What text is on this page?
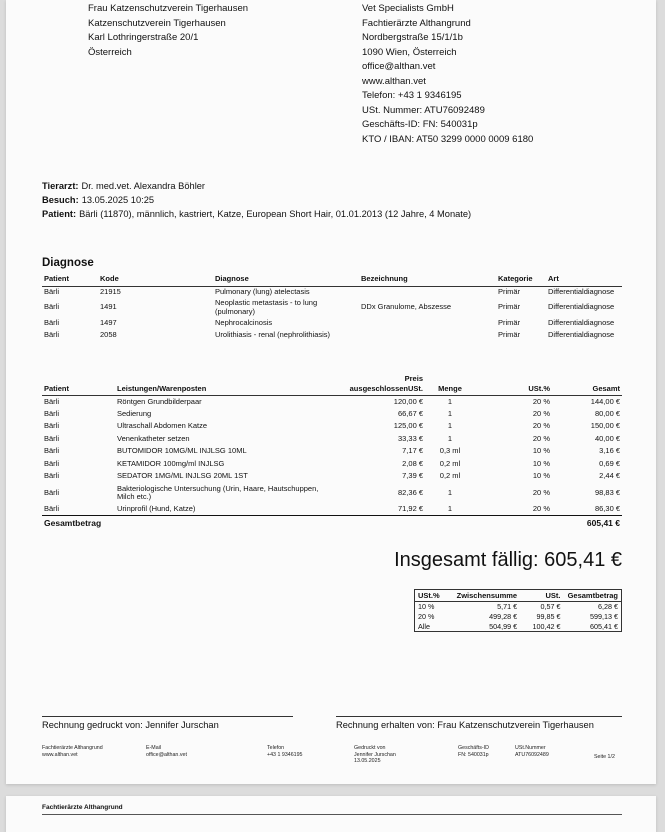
Frau Katzenschutzverein Tigerhausen
Katzenschutzverein Tigerhausen
Karl Lothringerstraße 20/1
Österreich
Vet Specialists GmbH
Fachtierärzte Althangrund
Nordbergstraße 15/1/1b
1090 Wien, Österreich
office@althan.vet
www.althan.vet
Telefon: +43 1 9346195
USt. Nummer: ATU76092489
Geschäfts-ID: FN: 540031p
KTO / IBAN: AT50 3299 0000 0009 6180
Tierarzt: Dr. med.vet. Alexandra Böhler
Besuch: 13.05.2025 10:25
Patient: Bärli (11870), männlich, kastriert, Katze, European Short Hair, 01.01.2013 (12 Jahre, 4 Monate)
Diagnose
Patient	Kode	Diagnose	Bezeichnung	Kategorie	Art
Bärli	21915	Pulmonary (lung) atelectasis		Primär	Differentialdiagnose
Bärli	1491	Neoplastic metastasis - to lung (pulmonary)	DDx Granulome, Abszesse	Primär	Differentialdiagnose
Bärli	1497	Nephrocalcinosis		Primär	Differentialdiagnose
Bärli	2058	Urolithiasis - renal (nephrolithiasis)		Primär	Differentialdiagnose
Patient	Leistungen/Warenposten	Preis ausgeschlossenUSt.	Menge	USt.%	Gesamt
Bärli	Röntgen Grundbilderpaar	120,00 €	1	20 %	144,00 €
Bärli	Sedierung	66,67 €	1	20 %	80,00 €
Bärli	Ultraschall Abdomen Katze	125,00 €	1	20 %	150,00 €
Bärli	Venenkatheter setzen	33,33 €	1	20 %	40,00 €
Bärli	BUTOMIDOR 10MG/ML INJLSG 10ML	7,17 €	0,3 ml	10 %	3,16 €
Bärli	KETAMIDOR 100mg/ml INJLSG	2,08 €	0,2 ml	10 %	0,69 €
Bärli	SEDATOR 1MG/ML INJLSG 20ML 1ST	7,39 €	0,2 ml	10 %	2,44 €
Bärli	Bakteriologische Untersuchung (Urin, Haare, Hautschuppen, Milch etc.)	82,36 €	1	20 %	98,83 €
Bärli	Urinprofil (Hund, Katze)	71,92 €	1	20 %	86,30 €
Gesamtbetrag					605,41 €
Insgesamt fällig: 605,41 €
USt.%	Zwischensumme	USt.	Gesamtbetrag
10 %	5,71 €	0,57 €	6,28 €
20 %	499,28 €	99,85 €	599,13 €
Alle	504,99 €	100,42 €	605,41 €
Rechnung gedruckt von: Jennifer Jurschan	Rechnung erhalten von: Frau Katzenschutzverein Tigerhausen
Fachtierärzte Althangrund
www.althan.vet
E-Mail
office@althan.vet
Telefon
+43 1 9346195
Gedruckt von
Jennifer Jurschan
13.05.2025
Geschäfts-ID
FN: 540031p
USt.Nummer
ATU76092489	Seite 1/2
Fachtierärzte Althangrund
